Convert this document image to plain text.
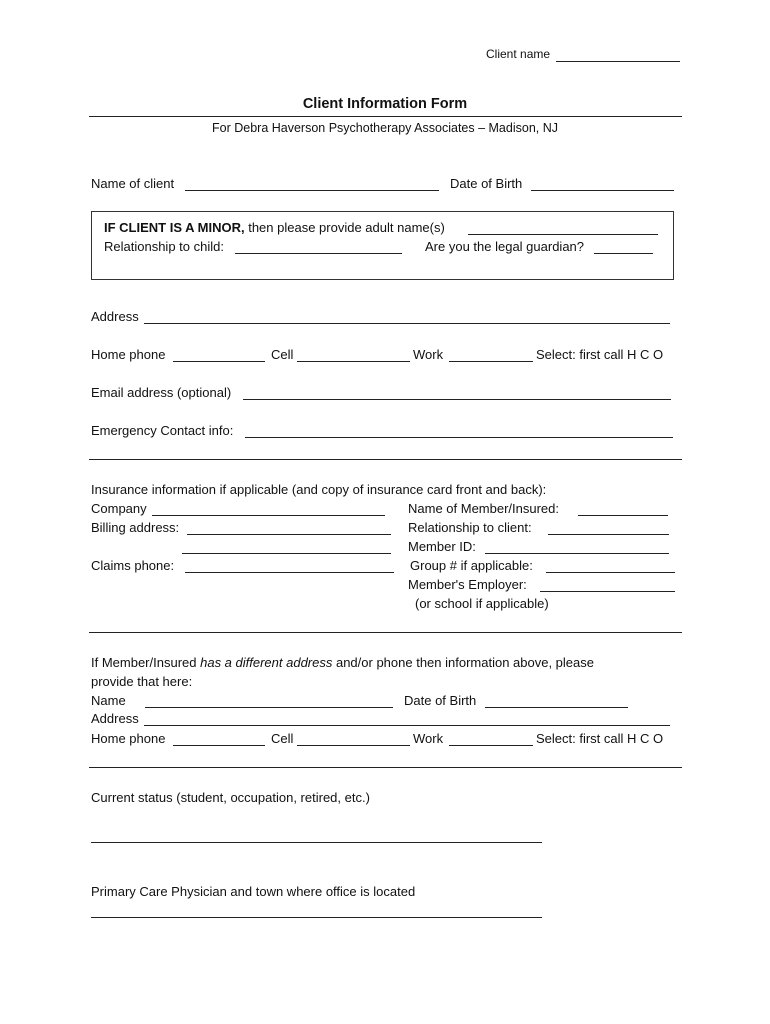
Client name
Client Information Form
For Debra Haverson Psychotherapy Associates – Madison, NJ
Name of client	Date of Birth
IF CLIENT IS A MINOR, then please provide adult name(s)
Relationship to child:	Are you the legal guardian?
Address
Home phone	Cell	Work	Select: first call H C O
Email address (optional)
Emergency Contact info:
Insurance information if applicable (and copy of insurance card front and back):
Company	Name of Member/Insured:
Billing address:	Relationship to client:
Member ID:
Claims phone:	Group # if applicable:
Member's Employer:
(or school if applicable)
If Member/Insured has a different address and/or phone then information above, please
provide that here:
Name	Date of Birth
Address
Home phone	Cell	Work	Select: first call H C O
Current status (student, occupation, retired, etc.)
Primary Care Physician and town where office is located
